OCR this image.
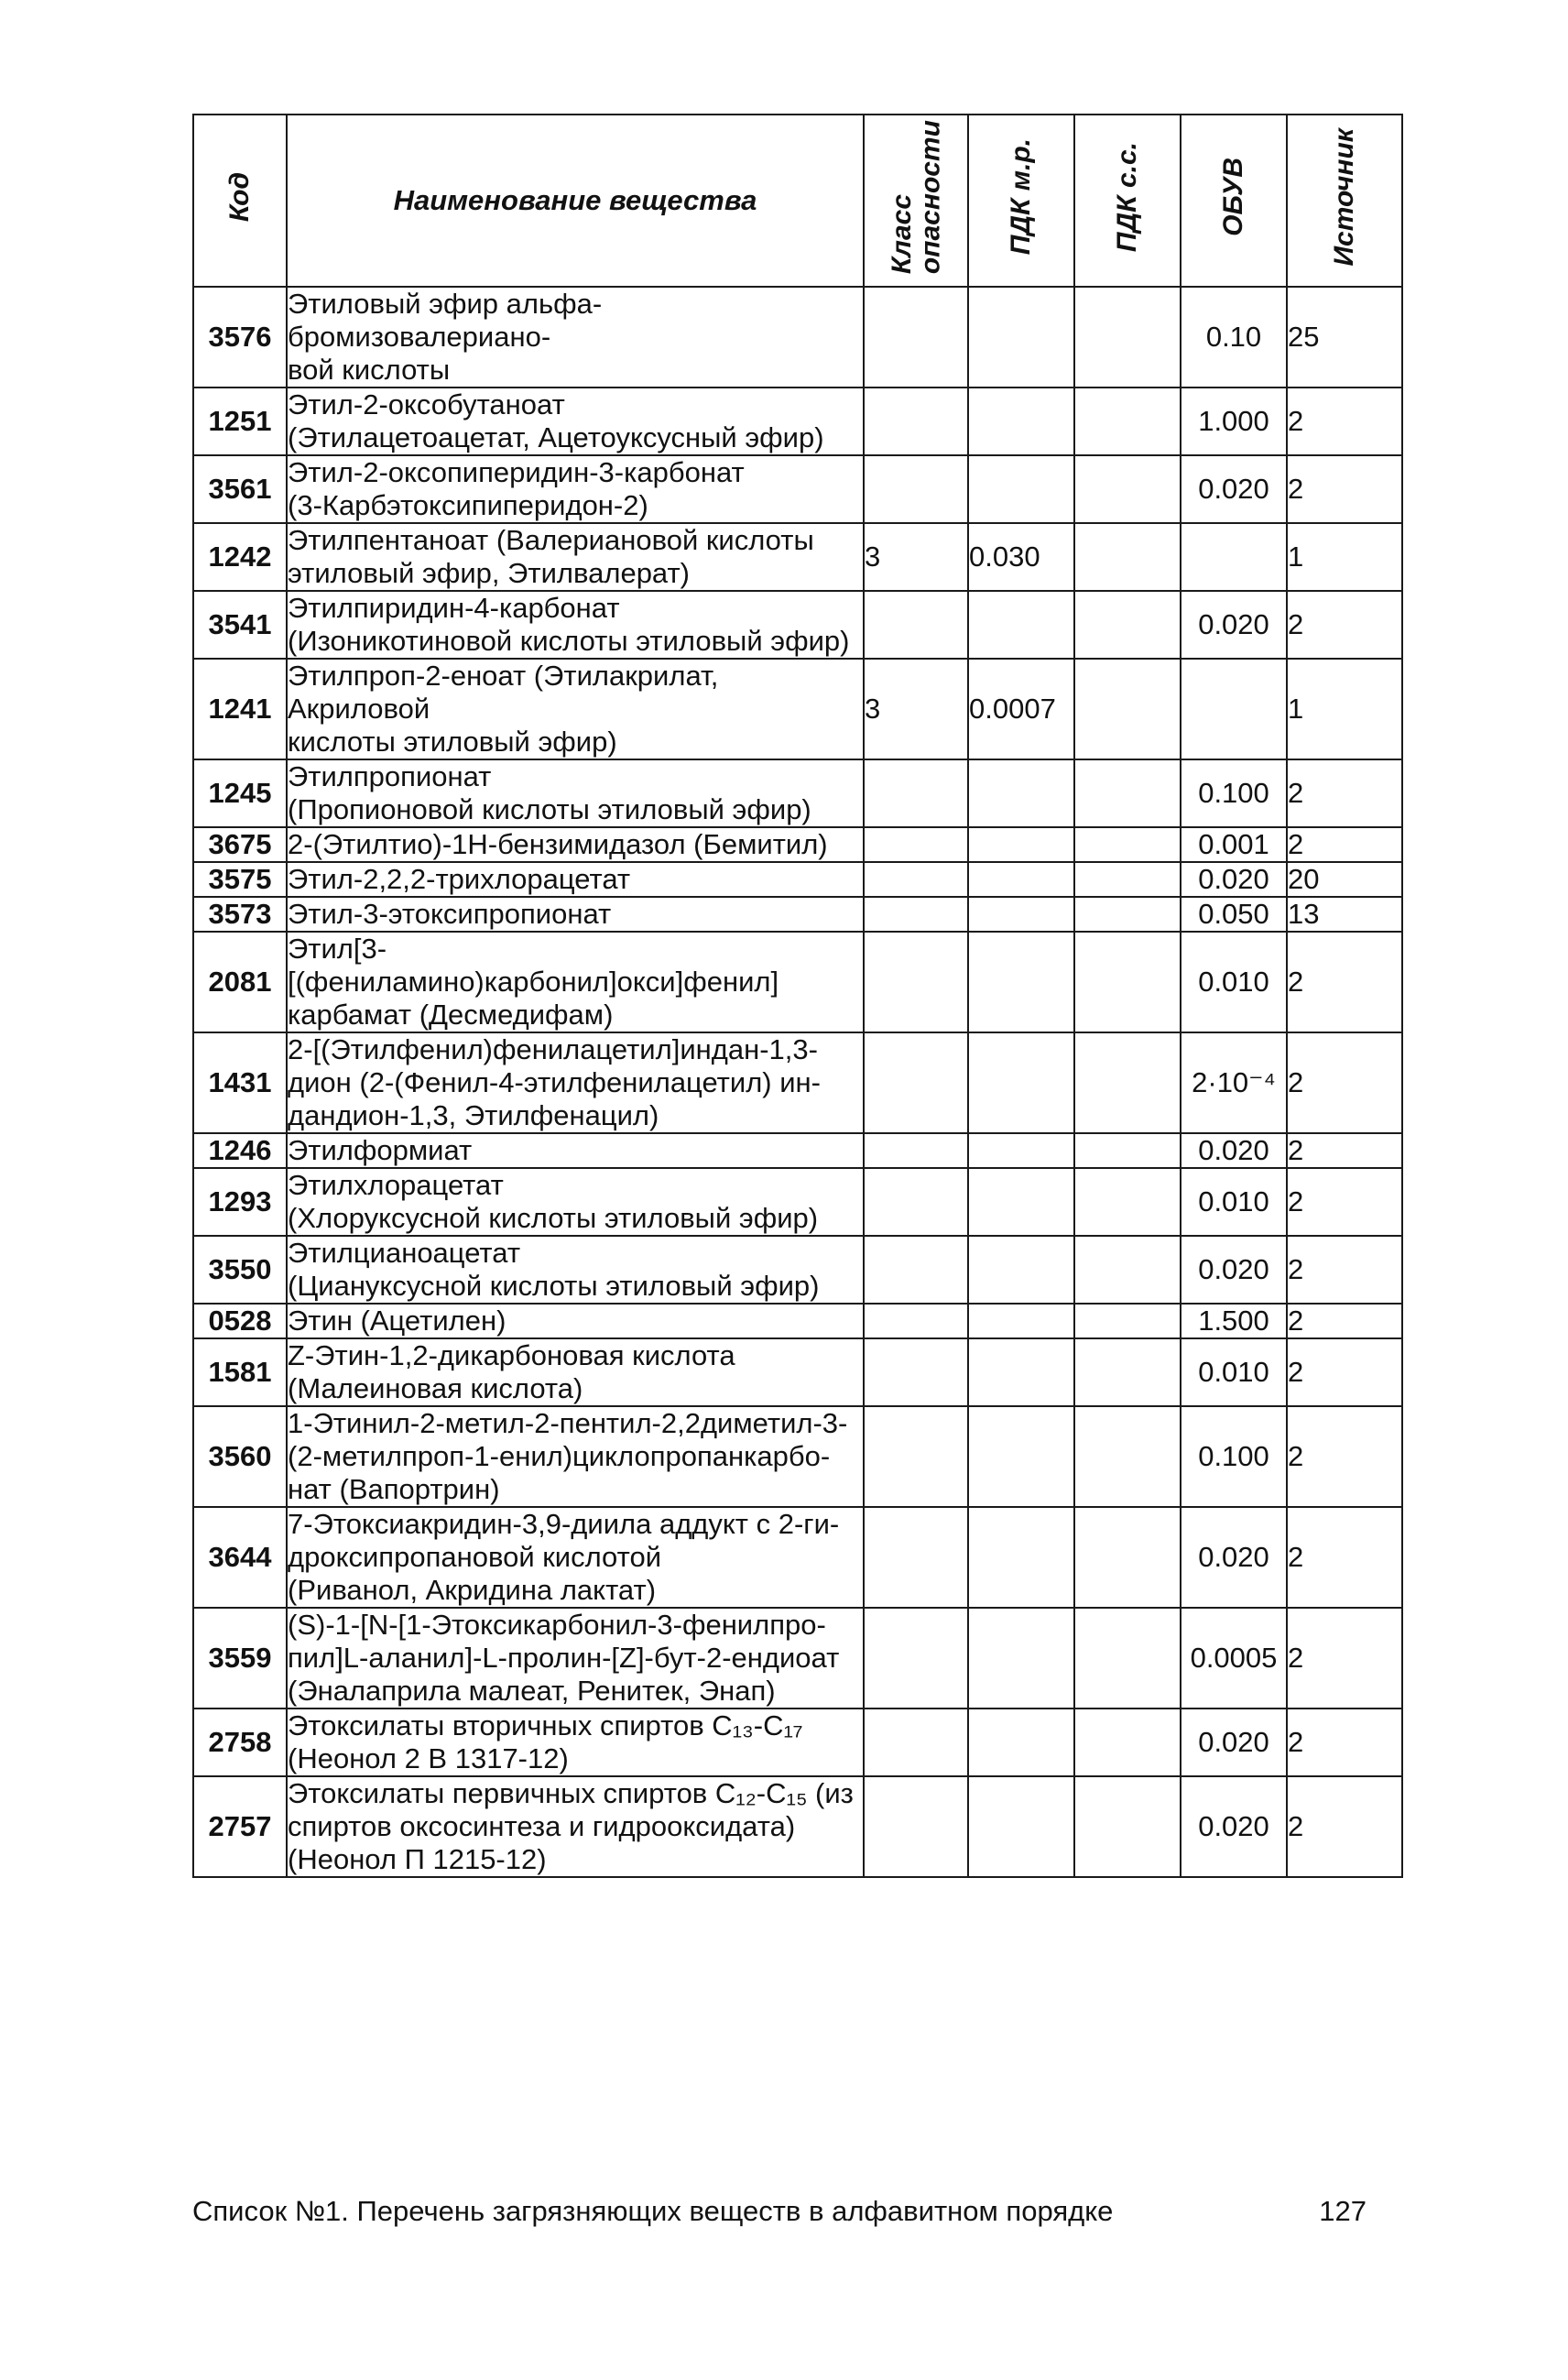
Код	Наименование вещества	Класс
опасности	ПДК м.р.	ПДК с.с.	ОБУВ	Источник
3576	Этиловый эфир альфа-бромизовалериано-
вой кислоты				0.10	25
1251	Этил-2-оксобутаноат
(Этилацетоацетат, Ацетоуксусный эфир)				1.000	2
3561	Этил-2-оксопиперидин-3-карбонат
(3-Карбэтоксипиперидон-2)				0.020	2
1242	Этилпентаноат (Валериановой кислоты
этиловый эфир, Этилвалерат)	3	0.030			1
3541	Этилпиридин-4-карбонат
(Изоникотиновой кислоты этиловый эфир)				0.020	2
1241	Этилпроп-2-еноат (Этилакрилат, Акриловой
кислоты этиловый эфир)	3	0.0007			1
1245	Этилпропионат
(Пропионовой кислоты этиловый эфир)				0.100	2
3675	2-(Этилтио)-1Н-бензимидазол (Бемитил)				0.001	2
3575	Этил-2,2,2-трихлорацетат				0.020	20
3573	Этил-3-этоксипропионат				0.050	13
2081	Этил[3-[(фениламино)карбонил]окси]фенил]
карбамат (Десмедифам)				0.010	2
1431	2-[(Этилфенил)фенилацетил]индан-1,3-
дион (2-(Фенил-4-этилфенилацетил) ин-
дандион-1,3, Этилфенацил)				2·10⁻⁴	2
1246	Этилформиат				0.020	2
1293	Этилхлорацетат
(Хлоруксусной кислоты этиловый эфир)				0.010	2
3550	Этилцианоацетат
(Циануксусной кислоты этиловый эфир)				0.020	2
0528	Этин (Ацетилен)				1.500	2
1581	Z-Этин-1,2-дикарбоновая кислота
(Малеиновая кислота)				0.010	2
3560	1-Этинил-2-метил-2-пентил-2,2диметил-3-
(2-метилпроп-1-енил)циклопропанкарбо-
нат (Вапортрин)				0.100	2
3644	7-Этоксиакридин-3,9-диила аддукт с 2-ги-
дроксипропановой кислотой
(Риванол, Акридина лактат)				0.020	2
3559	(S)-1-[N-[1-Этоксикарбонил-3-фенилпро-
пил]L-аланил]-L-пролин-[Z]-бут-2-ендиоат
(Эналаприла малеат, Ренитек, Энап)				0.0005	2
2758	Этоксилаты вторичных спиртов C₁₃-C₁₇
(Неонол 2 В 1317-12)				0.020	2
2757	Этоксилаты первичных спиртов C₁₂-C₁₅ (из
спиртов оксосинтеза и гидрооксидата)
(Неонол П 1215-12)				0.020	2
Список №1. Перечень загрязняющих веществ в алфавитном порядке	127
